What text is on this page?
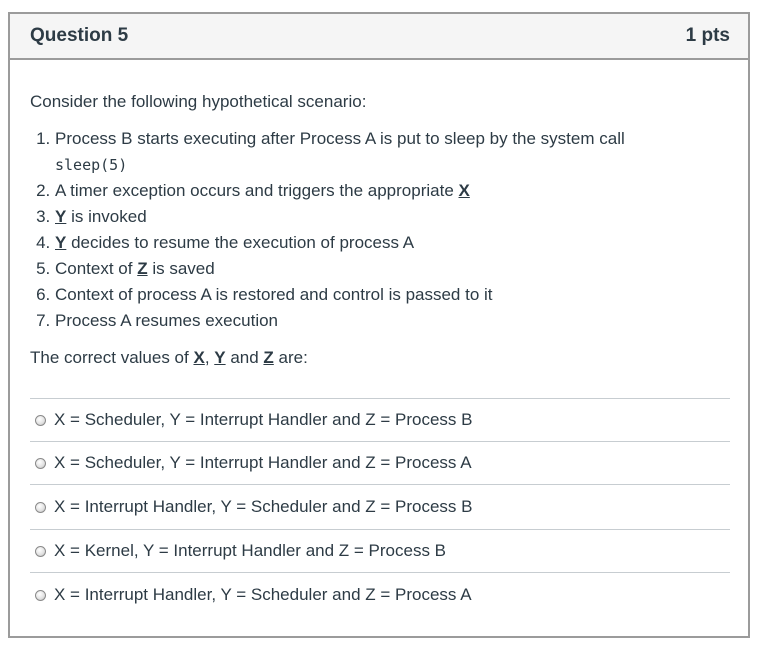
Question 5	1 pts

Consider the following hypothetical scenario:

1. Process B starts executing after Process A is put to sleep by the system call sleep(5)
2. A timer exception occurs and triggers the appropriate X
3. Y is invoked
4. Y decides to resume the execution of process A
5. Context of Z is saved
6. Context of process A is restored and control is passed to it
7. Process A resumes execution

The correct values of X, Y and Z are:

X = Scheduler, Y = Interrupt Handler and Z = Process B
X = Scheduler, Y = Interrupt Handler and Z = Process A
X = Interrupt Handler, Y = Scheduler and Z = Process B
X = Kernel, Y = Interrupt Handler and Z = Process B
X = Interrupt Handler, Y = Scheduler and Z = Process A
